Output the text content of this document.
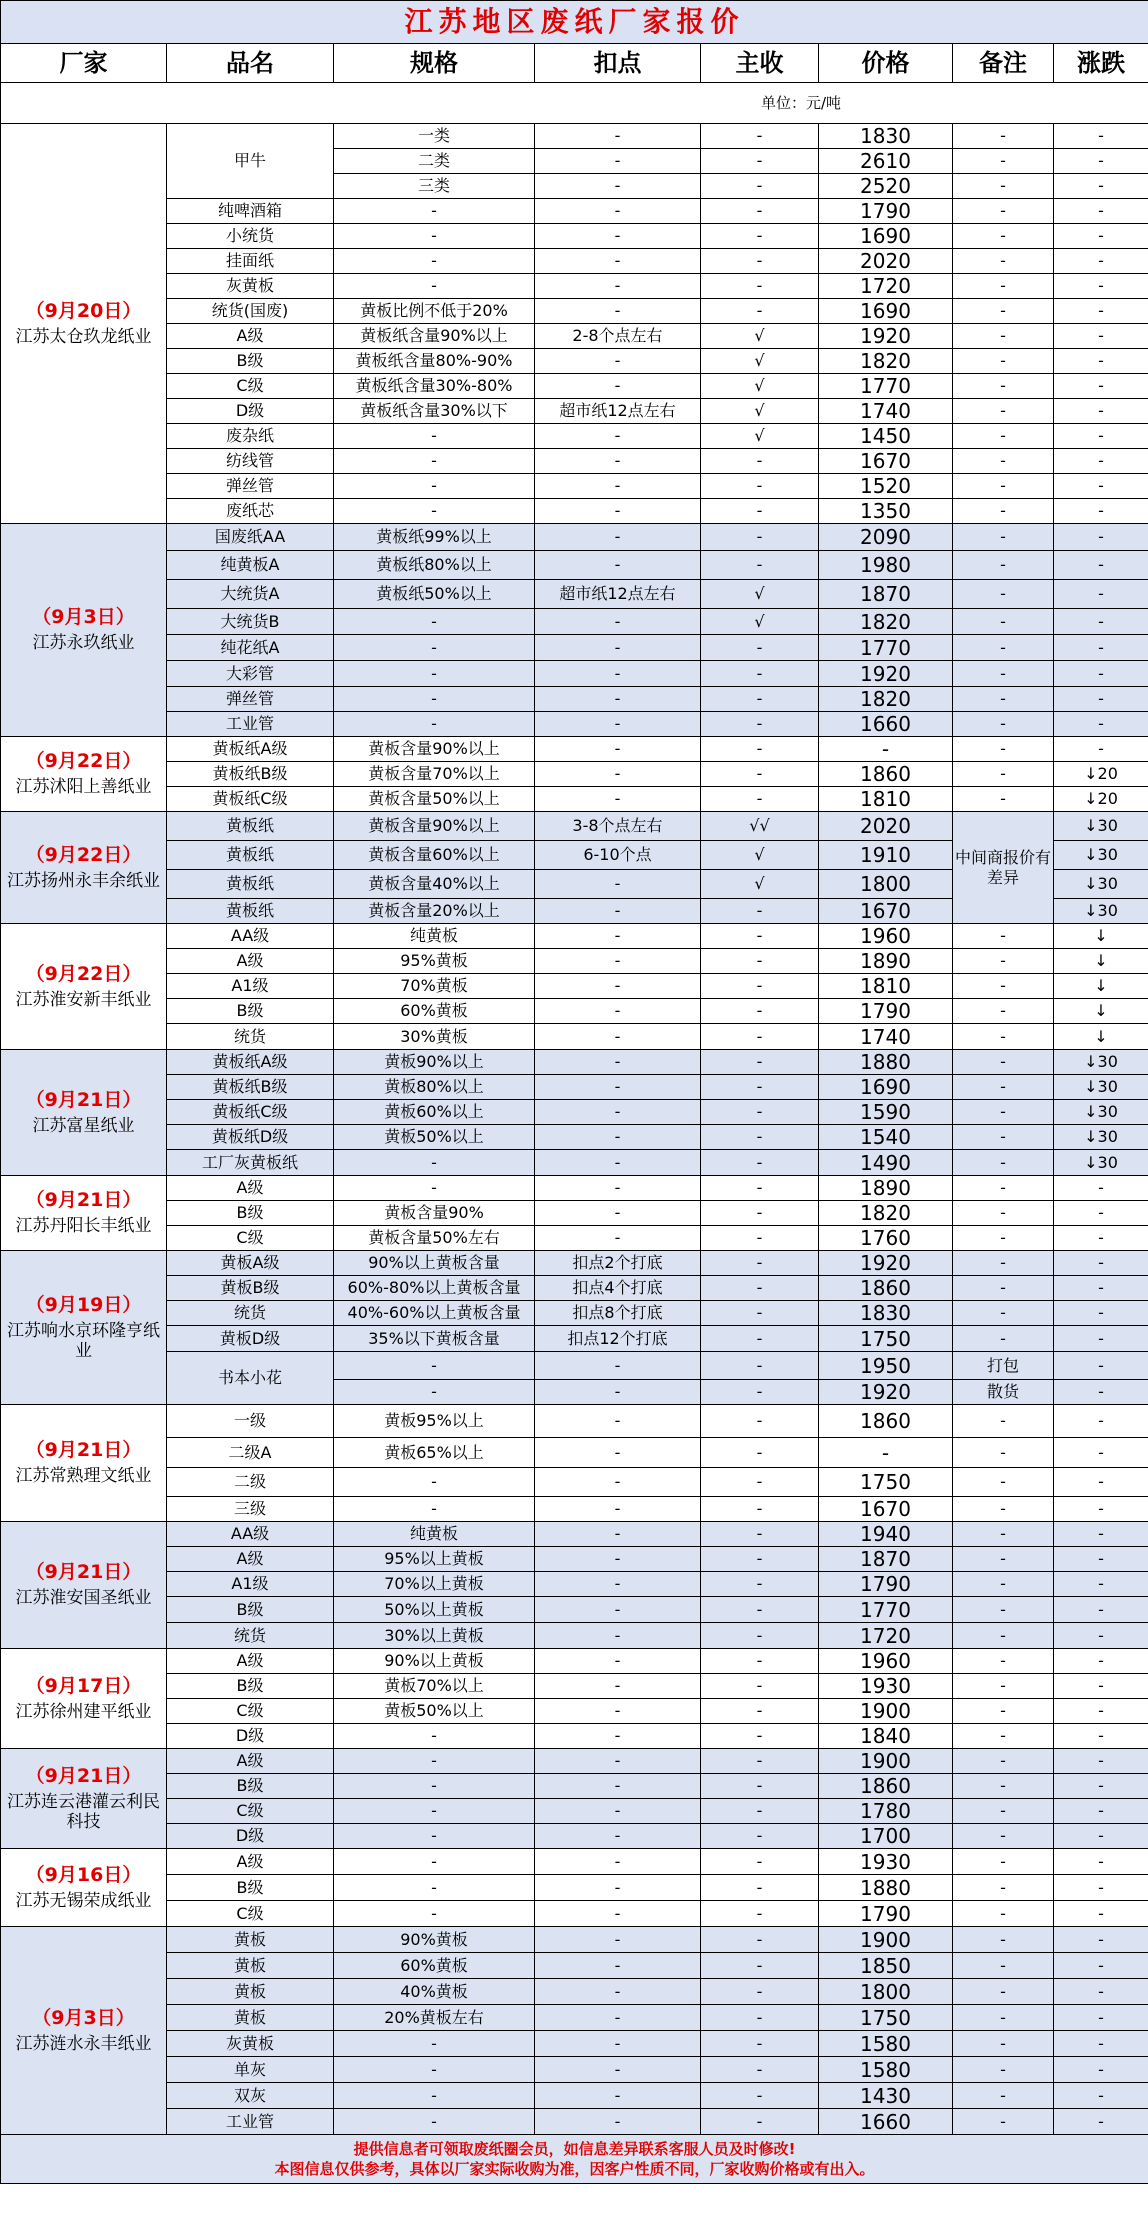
江苏地区废纸厂家报价							
厂家	品名	规格	扣点	主收	价格	备注	涨跌
单位：元/吨							

（9月20日）
江苏太仓玖龙纸业	甲牛	一类	-	-	1830	-	-
		二类	-	-	2610	-	-
		三类	-	-	2520	-	-
	纯啤酒箱	-	-	-	1790	-	-
	小统货	-	-	-	1690	-	-
	挂面纸	-	-	-	2020	-	-
	灰黄板	-	-	-	1720	-	-
	统货(国废)	黄板比例不低于20%	-	-	1690	-	-
	A级	黄板纸含量90%以上	2-8个点左右	√	1920	-	-
	B级	黄板纸含量80%-90%	-	√	1820	-	-
	C级	黄板纸含量30%-80%	-	√	1770	-	-
	D级	黄板纸含量30%以下	超市纸12点左右	√	1740	-	-
	废杂纸	-	-	√	1450	-	-
	纺线管	-	-	-	1670	-	-
	弹丝管	-	-	-	1520	-	-
	废纸芯	-	-	-	1350	-	-

（9月3日）
江苏永玖纸业	国废纸AA	黄板纸99%以上	-	-	2090	-	-
	纯黄板A	黄板纸80%以上	-	-	1980	-	-
	大统货A	黄板纸50%以上	超市纸12点左右	√	1870	-	-
	大统货B	-	-	√	1820	-	-
	纯花纸A	-	-	-	1770	-	-
	大彩管	-	-	-	1920	-	-
	弹丝管	-	-	-	1820	-	-
	工业管	-	-	-	1660	-	-

（9月22日）
江苏沭阳上善纸业	黄板纸A级	黄板含量90%以上	-	-	-	-	-
	黄板纸B级	黄板含量70%以上	-	-	1860	-	↓20
	黄板纸C级	黄板含量50%以上	-	-	1810	-	↓20

（9月22日）
江苏扬州永丰余纸业	黄板纸	黄板含量90%以上	3-8个点左右	√√	2020	中间商报价有差异	↓30
	黄板纸	黄板含量60%以上	6-10个点	√	1910		↓30
	黄板纸	黄板含量40%以上	-	√	1800		↓30
	黄板纸	黄板含量20%以上	-	-	1670		↓30

（9月22日）
江苏淮安新丰纸业	AA级	纯黄板	-	-	1960	-	↓
	A级	95%黄板	-	-	1890	-	↓
	A1级	70%黄板	-	-	1810	-	↓
	B级	60%黄板	-	-	1790	-	↓
	统货	30%黄板	-	-	1740	-	↓

（9月21日）
江苏富星纸业	黄板纸A级	黄板90%以上	-	-	1880	-	↓30
	黄板纸B级	黄板80%以上	-	-	1690	-	↓30
	黄板纸C级	黄板60%以上	-	-	1590	-	↓30
	黄板纸D级	黄板50%以上	-	-	1540	-	↓30
	工厂灰黄板纸	-	-	-	1490	-	↓30

（9月21日）
江苏丹阳长丰纸业	A级	-	-	-	1890	-	-
	B级	黄板含量90%	-	-	1820	-	-
	C级	黄板含量50%左右	-	-	1760	-	-

（9月19日）
江苏响水京环隆亨纸业	黄板A级	90%以上黄板含量	扣点2个打底	-	1920	-	-
	黄板B级	60%-80%以上黄板含量	扣点4个打底	-	1860	-	-
	统货	40%-60%以上黄板含量	扣点8个打底	-	1830	-	-
	黄板D级	35%以下黄板含量	扣点12个打底	-	1750	-	-
	书本小花	-	-	-	1950	打包	-
		-	-	-	1920	散货	-

（9月21日）
江苏常熟理文纸业	一级	黄板95%以上	-	-	1860	-	-
	二级A	黄板65%以上	-	-	-	-	-
	二级	-	-	-	1750	-	-
	三级	-	-	-	1670	-	-

（9月21日）
江苏淮安国圣纸业	AA级	纯黄板	-	-	1940	-	-
	A级	95%以上黄板	-	-	1870	-	-
	A1级	70%以上黄板	-	-	1790	-	-
	B级	50%以上黄板	-	-	1770	-	-
	统货	30%以上黄板	-	-	1720	-	-

（9月17日）
江苏徐州建平纸业	A级	90%以上黄板	-	-	1960	-	-
	B级	黄板70%以上	-	-	1930	-	-
	C级	黄板50%以上	-	-	1900	-	-
	D级	-	-	-	1840	-	-

（9月21日）
江苏连云港灌云利民科技	A级	-	-	-	1900	-	-
	B级	-	-	-	1860	-	-
	C级	-	-	-	1780	-	-
	D级	-	-	-	1700	-	-

（9月16日）
江苏无锡荣成纸业	A级	-	-	-	1930	-	-
	B级	-	-	-	1880	-	-
	C级	-	-	-	1790	-	-

（9月3日）
江苏涟水永丰纸业	黄板	90%黄板	-	-	1900	-	-
	黄板	60%黄板	-	-	1850	-	-
	黄板	40%黄板	-	-	1800	-	-
	黄板	20%黄板左右	-	-	1750	-	-
	灰黄板	-	-	-	1580	-	-
	单灰	-	-	-	1580	-	-
	双灰	-	-	-	1430	-	-
	工业管	-	-	-	1660	-	-

提供信息者可领取废纸圈会员，如信息差异联系客服人员及时修改!
本图信息仅供参考，具体以厂家实际收购为准，因客户性质不同，厂家收购价格或有出入。							
